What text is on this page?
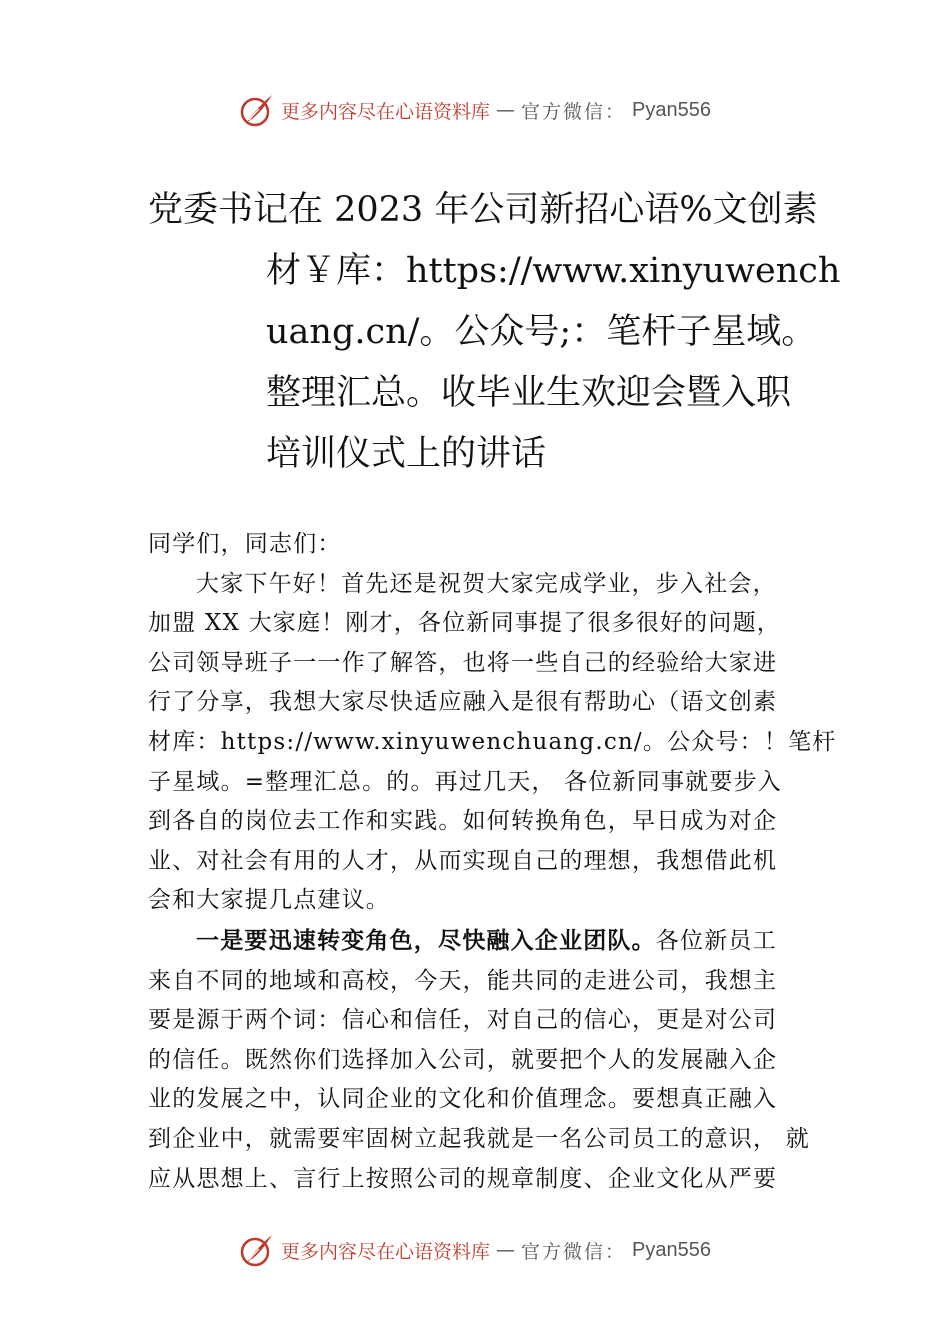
更多内容尽在心语资料库 — 官方微信： Pyan556
党委书记在 2023 年公司新招心语%文创素
材￥库：https://www.xinyuwench
uang.cn/。公众号;：笔杆子星域。
整理汇总。收毕业生欢迎会暨入职
培训仪式上的讲话

同学们，同志们：

大家下午好！首先还是祝贺大家完成学业，步入社会，
加盟 XX 大家庭！刚才，各位新同事提了很多很好的问题，
公司领导班子一一作了解答，也将一些自己的经验给大家进
行了分享，我想大家尽快适应融入是很有帮助心（语文创素
材库：https://www.xinyuwenchuang.cn/。公众号：！笔杆
子星域。=整理汇总。的。再过几天， 各位新同事就要步入
到各自的岗位去工作和实践。如何转换角色，早日成为对企
业、对社会有用的人才，从而实现自己的理想，我想借此机
会和大家提几点建议。

一是要迅速转变角色，尽快融入企业团队。各位新员工
来自不同的地域和高校，今天，能共同的走进公司，我想主
要是源于两个词：信心和信任，对自己的信心，更是对公司
的信任。既然你们选择加入公司，就要把个人的发展融入企
业的发展之中，认同企业的文化和价值理念。要想真正融入
到企业中，就需要牢固树立起我就是一名公司员工的意识， 就
应从思想上、言行上按照公司的规章制度、企业文化从严要

更多内容尽在心语资料库 — 官方微信： Pyan556
